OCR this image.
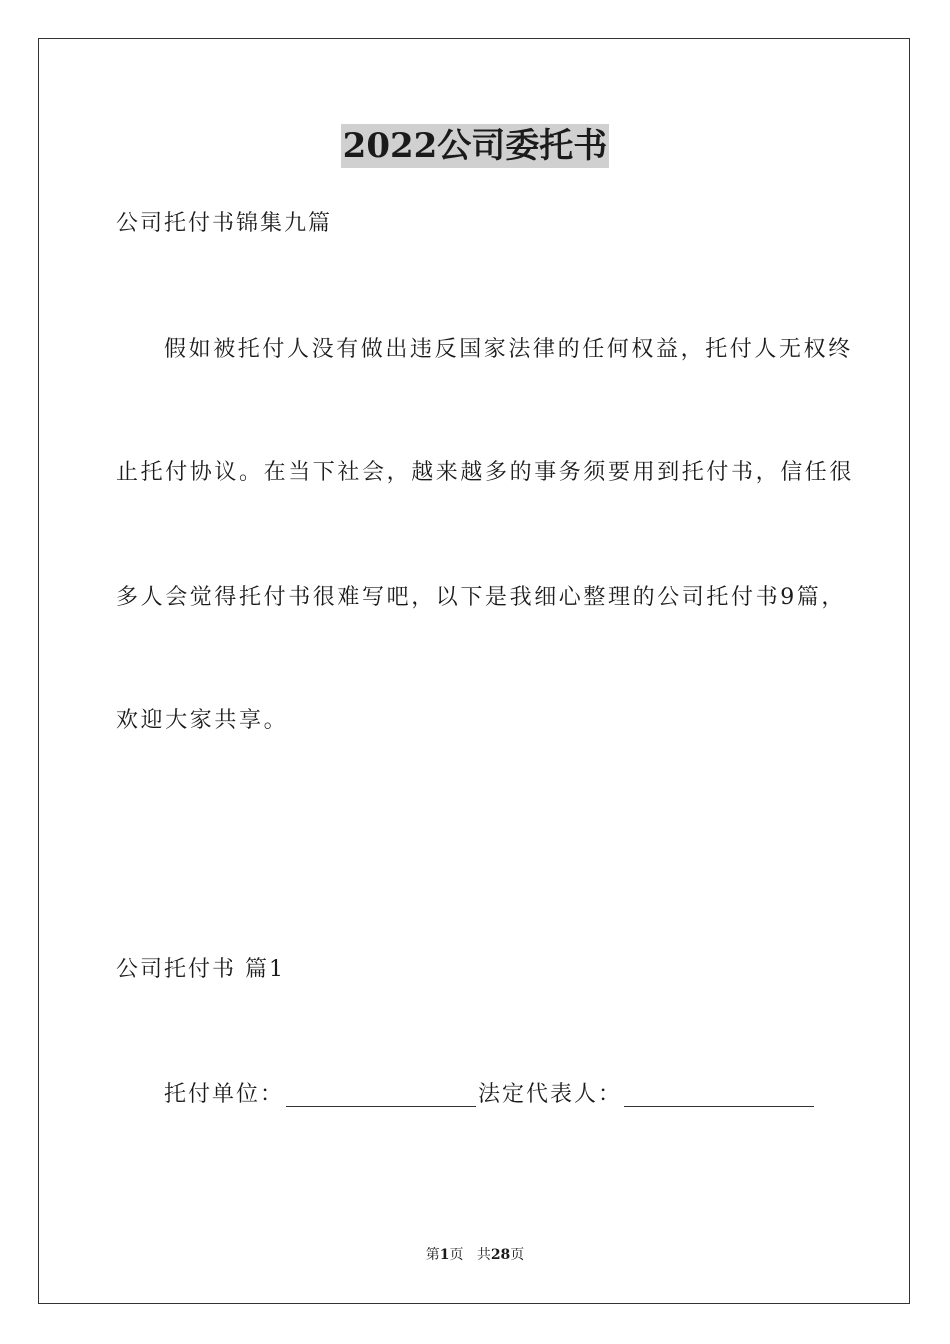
2022公司委托书
公司托付书锦集九篇
假如被托付人没有做出违反国家法律的任何权益，托付人无权终
止托付协议。在当下社会，越来越多的事务须要用到托付书，信任很
多人会觉得托付书很难写吧，以下是我细心整理的公司托付书9篇，
欢迎大家共享。
公司托付书 篇1
托付单位：	法定代表人：
第1页 共28页
